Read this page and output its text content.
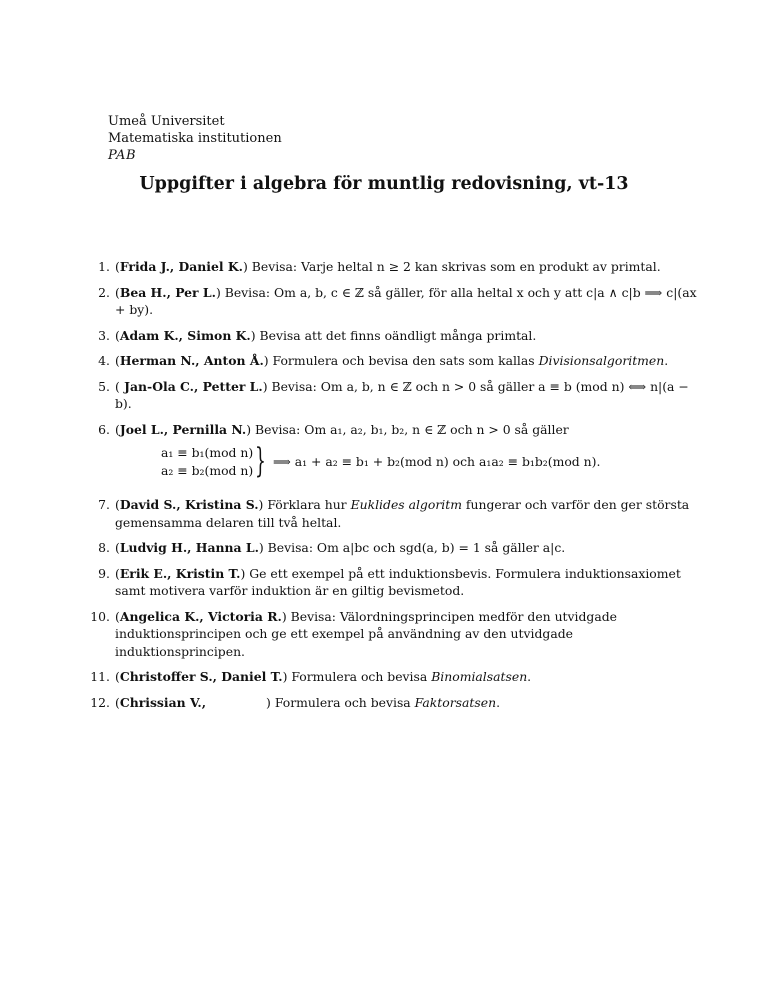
Umeå Universitet
Matematiska institutionen
PAB
Uppgifter i algebra för muntlig redovisning, vt-13
1. (Frida J., Daniel K.) Bevisa: Varje heltal n ≥ 2 kan skrivas som en produkt av primtal.
2. (Bea H., Per L.) Bevisa: Om a, b, c ∈ ℤ så gäller, för alla heltal x och y att c|a ∧ c|b ⟹ c|(ax + by).
3. (Adam K., Simon K.) Bevisa att det finns oändligt många primtal.
4. (Herman N., Anton Å.) Formulera och bevisa den sats som kallas Divisionsalgoritmen.
5. ( Jan-Ola C., Petter L.) Bevisa: Om a, b, n ∈ ℤ och n > 0 så gäller a ≡ b (mod n) ⟺ n|(a − b).
6. (Joel L., Pernilla N.) Bevisa: Om a₁, a₂, b₁, b₂, n ∈ ℤ och n > 0 så gäller
a₁ ≡ b₁(mod n)
a₂ ≡ b₂(mod n) } ⟹ a₁ + a₂ ≡ b₁ + b₂(mod n) och a₁a₂ ≡ b₁b₂(mod n).
7. (David S., Kristina S.) Förklara hur Euklides algoritm fungerar och varför den ger största gemensamma delaren till två heltal.
8. (Ludvig H., Hanna L.) Bevisa: Om a|bc och sgd(a, b) = 1 så gäller a|c.
9. (Erik E., Kristin T.) Ge ett exempel på ett induktionsbevis. Formulera induktionsaxiomet samt motivera varför induktion är en giltig bevismetod.
10. (Angelica K., Victoria R.) Bevisa: Välordningsprincipen medför den utvidgade induktionsprincipen och ge ett exempel på användning av den utvidgade induktionsprincipen.
11. (Christoffer S., Daniel T.) Formulera och bevisa Binomialsatsen.
12. (Chrissian V.,	) Formulera och bevisa Faktorsatsen.
